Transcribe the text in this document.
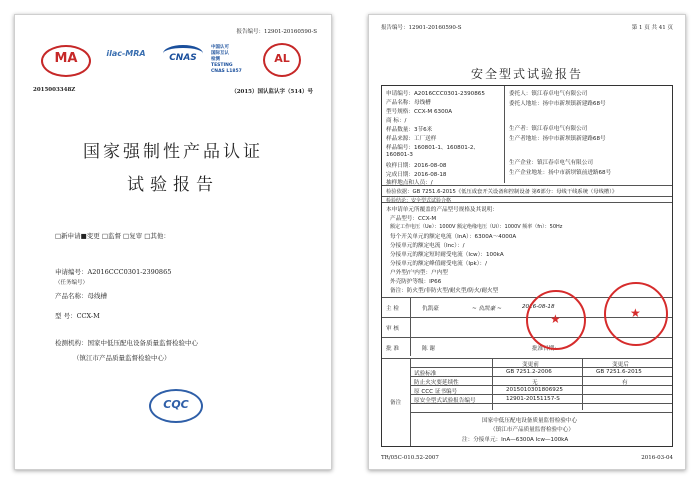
报告编号：12901-20160590-S
MA	ilac-MRA	CNAS
中国认可
国际互认
检测
TESTING
CNAS L1857
AL
2015003348Z	（2015）国认监认字（514）号
国家强制性产品认证
试验报告
□新申请■变更 □监督 □复审 □其他：
申请编号：A2016CCC0301-2390865
（任务编号）
产品名称：母线槽
型 号：CCX-M
检测机构：国家中低压配电设备质量监督检验中心
（镇江市产品质量监督检验中心）
CQC
报告编号：12901-20160590-S	第 1 页 共 41 页
安全型式试验报告
申请编号：A2016CCC0301-2390865
产品名称：母线槽
型号规格：CCX-M 6300A
商 标：/
样品数量：3节6米
样品来源：工厂送样
样品编号：160801-1、160801-2、
160801-3
收样日期：2016-08-08
完成日期：2016-08-18
抽样地点和人员：/
委托人：镇江春卓电气有限公司
委托人地址：扬中市新坝镇新建路68号
生产者：镇江春卓电气有限公司
生产者地址：扬中市新坝镇新建路68号
生产企业：镇江春卓电气有限公司
生产企业地址：扬中市新坝镇前进路68号
检验依据：GB 7251.6-2015《低压成套开关设备和控制设备 第6部分：母线干线系统（母线槽）》
检验结论：安全型式试验合格
本申请单元所覆盖的产品型号规格及其说明：
产品型号：CCX-M
额定工作电压（Ue）：1000V 额定绝缘电压（Ui）：1000V 频率（fn）：50Hz
每个开关单元的额定电流（InA）：6300A～4000A
分接单元的额定电流（Inc）：/
分接单元的额定短时耐受电流（Icw）：100kA
分接单元的额定峰值耐受电流（Ipk）：/
户外型/户内型：户内型
外壳防护等级：IP66
备注：防火型/非防火型/耐火型/防火/耐火型
主 检	仇凯豪	~ 仇凯豪 ~	2016-08-18
审 核
批 准	陈 谢	批准日期：
★	★
变更前	变更后
试验标准	GB 7251.2-2006	GB 7251.6-2015
防止火灾要延续性	无	有
原 CCC 证书编号	2015010301806925
原安全型式试验报告编号	12901-20151157-S
备注
国家中低压配电设备质量监督检验中心
（镇江市产品质量监督检验中心）
注：分接单元：InA—6300A Icw—100kA
TR/05C-010.52-2007	2016-03-04
